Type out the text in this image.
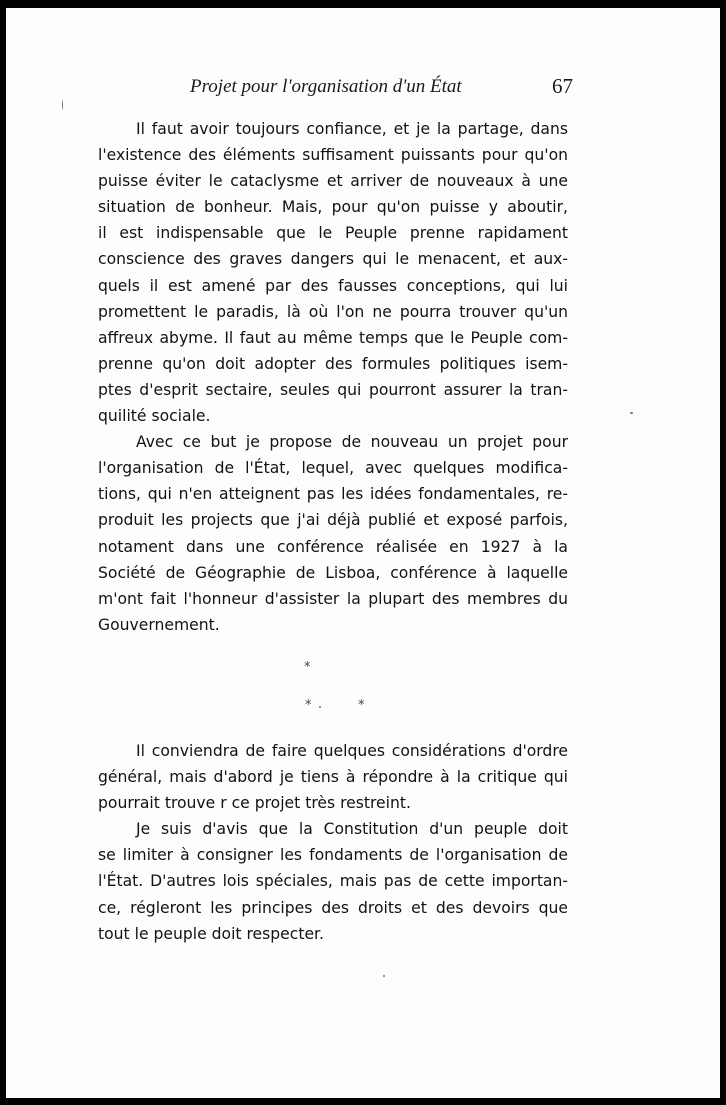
Projet pour l'organisation d'un État	67
Il faut avoir toujours confiance, et je la partage, dans
l'existence des éléments suffisament puissants pour qu'on
puisse éviter le cataclysme et arriver de nouveaux à une
situation de bonheur. Mais, pour qu'on puisse y aboutir,
il est indispensable que le Peuple prenne rapidament
conscience des graves dangers qui le menacent, et aux-
quels il est amené par des fausses conceptions, qui lui
promettent le paradis, là où l'on ne pourra trouver qu'un
affreux abyme. Il faut au même temps que le Peuple com-
prenne qu'on doit adopter des formules politiques isem-
ptes d'esprit sectaire, seules qui pourront assurer la tran-
quilité sociale.
Avec ce but je propose de nouveau un projet pour
l'organisation de l'État, lequel, avec quelques modifica-
tions, qui n'en atteignent pas les idées fondamentales, re-
produit les projects que j'ai déjà publié et exposé parfois,
notament dans une conférence réalisée en 1927 à la
Société de Géographie de Lisboa, conférence à laquelle
m'ont fait l'honneur d'assister la plupart des membres du
Gouvernement.
*
*	*
Il conviendra de faire quelques considérations d'ordre
général, mais d'abord je tiens à répondre à la critique qui
pourrait trouve r ce projet très restreint.
Je suis d'avis que la Constitution d'un peuple doit
se limiter à consigner les fondaments de l'organisation de
l'État. D'autres lois spéciales, mais pas de cette importan-
ce, régleront les principes des droits et des devoirs que
tout le peuple doit respecter.
